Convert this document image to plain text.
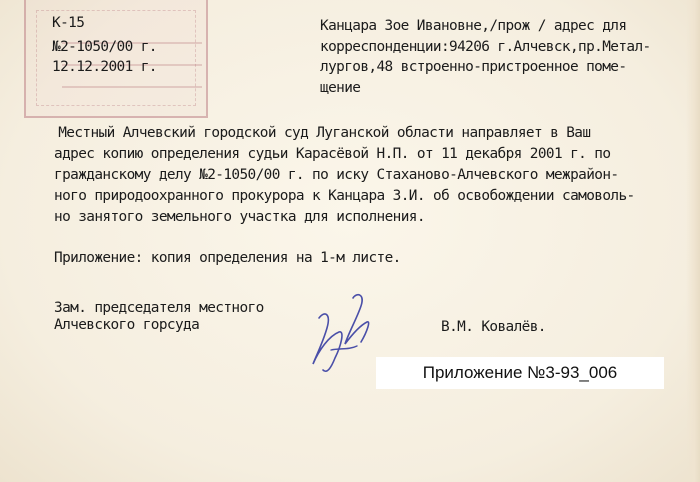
К-15
№2-1050/00 г.
12.12.2001 г.
Канцара Зое Ивановне,/прож / адрес для
корреспонденции:94206 г.Алчевск,пр.Метал-
лургов,48 встроенно-пристроенное поме-
щение
Местный Алчевский городской суд Луганской области направляет в Ваш
адрес копию определения судьи Карасёвой Н.П. от 11 декабря 2001 г. по
гражданскому делу №2-1050/00 г. по иску Стаханово-Алчевского межрайон-
ного природоохранного прокурора к Канцара З.И. об освобождении самоволь-
но занятого земельного участка для исполнения.
Приложение: копия определения на 1-м листе.
Зам. председателя местного
Алчевского горсуда	В.М. Ковалёв.
Приложение №3-93_006
